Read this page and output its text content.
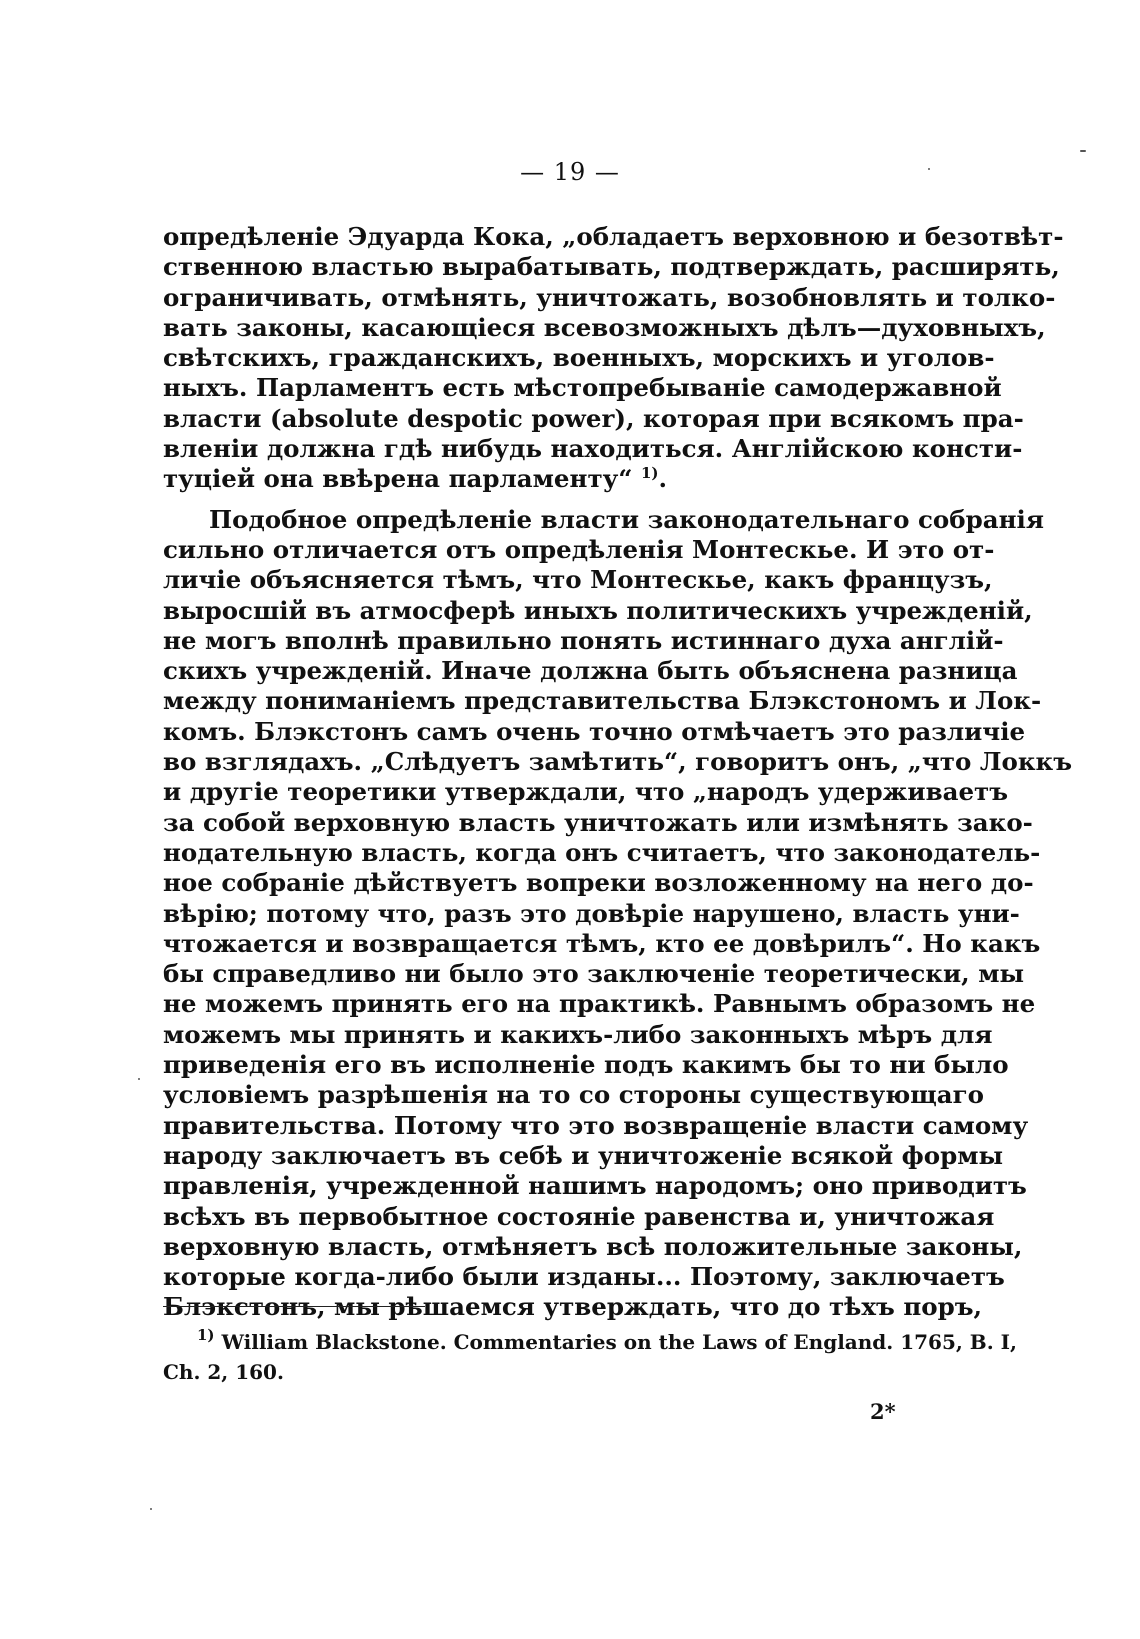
— 19 —
опредѣленіе Эдуарда Кока, „обладаетъ верховною и безотвѣт-
ственною властью вырабатывать, подтверждать, расширять,
ограничивать, отмѣнять, уничтожать, возобновлять и толко-
вать законы, касающіеся всевозможныхъ дѣлъ—духовныхъ,
свѣтскихъ, гражданскихъ, военныхъ, морскихъ и уголов-
ныхъ. Парламентъ есть мѣстопребываніе самодержавной
власти (absolute despotic power), которая при всякомъ пра-
вленіи должна гдѣ нибудь находиться. Англійскою консти-
туціей она ввѣрена парламенту“ $^{1)}$.
Подобное опредѣленіе власти законодательнаго собранія
сильно отличается отъ опредѣленія Монтескье. И это от-
личіе объясняется тѣмъ, что Монтескье, какъ французъ,
выросшій въ атмосферѣ иныхъ политическихъ учрежденій,
не могъ вполнѣ правильно понять истиннаго духа англій-
скихъ учрежденій. Иначе должна быть объяснена разница
между пониманіемъ представительства Блэкстономъ и Лок-
комъ. Блэкстонъ самъ очень точно отмѣчаетъ это различіе
во взглядахъ. „Слѣдуетъ замѣтить“, говоритъ онъ, „что Локкъ
и другіе теоретики утверждали, что „народъ удерживаетъ
за собой верховную власть уничтожать или измѣнять зако-
нодательную власть, когда онъ считаетъ, что законодатель-
ное собраніе дѣйствуетъ вопреки возложенному на него до-
вѣрію; потому что, разъ это довѣріе нарушено, власть уни-
чтожается и возвращается тѣмъ, кто ее довѣрилъ“. Но какъ
бы справедливо ни было это заключеніе теоретически, мы
не можемъ принять его на практикѣ. Равнымъ образомъ не
можемъ мы принять и какихъ-либо законныхъ мѣръ для
приведенія его въ исполненіе подъ какимъ бы то ни было
условіемъ разрѣшенія на то со стороны существующаго
правительства. Потому что это возвращеніе власти самому
народу заключаетъ въ себѣ и уничтоженіе всякой формы
правленія, учрежденной нашимъ народомъ; оно приводитъ
всѣхъ въ первобытное состояніе равенства и, уничтожая
верховную власть, отмѣняетъ всѣ положительные законы,
которые когда-либо были изданы... Поэтому, заключаетъ
Блэкстонъ, мы рѣшаемся утверждать, что до тѣхъ поръ,
$^{1)}$ William Blackstone. Commentaries on the Laws of England. 1765, B. I,
Ch. 2, 160.
2*
